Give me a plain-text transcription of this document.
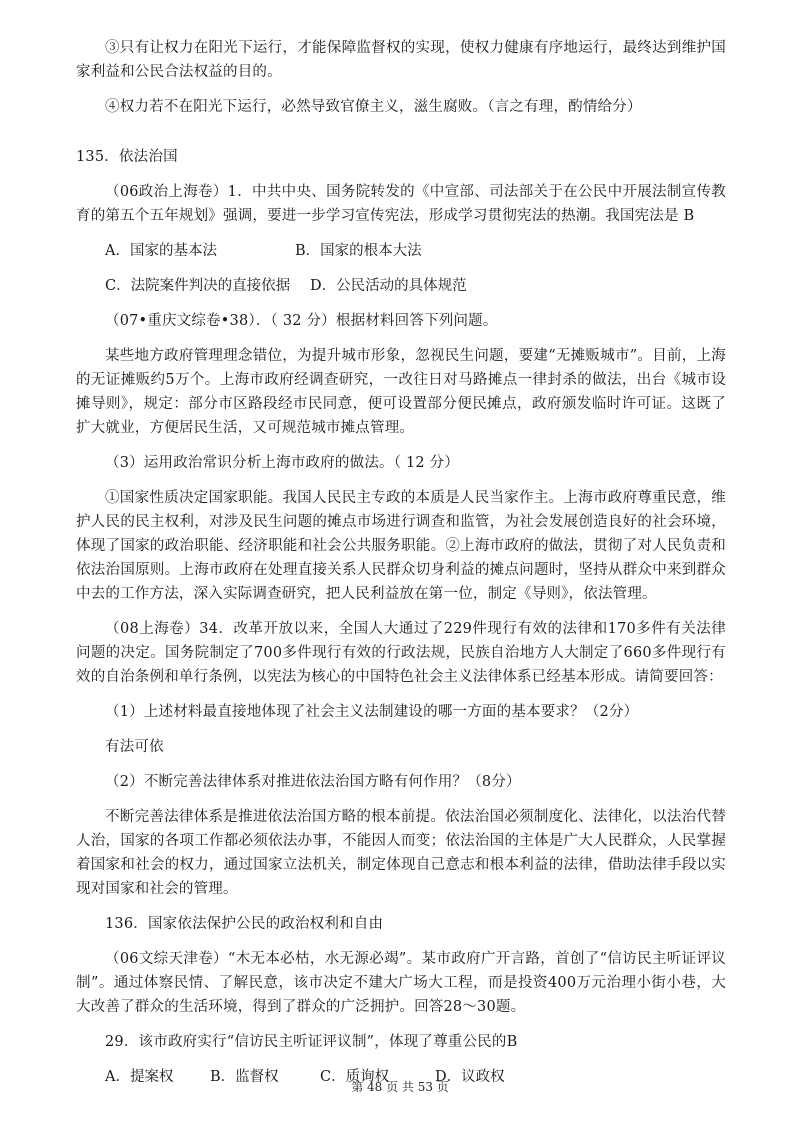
③只有让权力在阳光下运行，才能保障监督权的实现，使权力健康有序地运行，最终达到维护国家利益和公民合法权益的目的。

④权力若不在阳光下运行，必然导致官僚主义，滋生腐败。（言之有理，酌情给分）

135．依法治国

（06政治上海卷）1．中共中央、国务院转发的《中宣部、司法部关于在公民中开展法制宣传教育的第五个五年规划》强调，要进一步学习宣传宪法，形成学习贯彻宪法的热潮。我国宪法是 B

A．国家的基本法	B．国家的根本大法
C．法院案件判决的直接依据	D．公民活动的具体规范

（07•重庆文综卷•38）．（ 32 分）根据材料回答下列问题。

某些地方政府管理理念错位，为提升城市形象，忽视民生问题，要建“无摊贩城市”。目前，上海的无证摊贩约5万个。上海市政府经调查研究，一改往日对马路摊点一律封杀的做法，出台《城市设摊导则》，规定：部分市区路段经市民同意，便可设置部分便民摊点，政府颁发临时许可证。这既了扩大就业，方便居民生活，又可规范城市摊点管理。

（3）运用政治常识分析上海市政府的做法。（ 12 分）

①国家性质决定国家职能。我国人民民主专政的本质是人民当家作主。上海市政府尊重民意，维护人民的民主权利，对涉及民生问题的摊点市场进行调查和监管，为社会发展创造良好的社会环境，体现了国家的政治职能、经济职能和社会公共服务职能。②上海市政府的做法，贯彻了对人民负责和依法治国原则。上海市政府在处理直接关系人民群众切身利益的摊点问题时，坚持从群众中来到群众中去的工作方法，深入实际调查研究，把人民利益放在第一位，制定《导则》，依法管理。

（08上海卷）34．改革开放以来，全国人大通过了229件现行有效的法律和170多件有关法律问题的决定。国务院制定了700多件现行有效的行政法规，民族自治地方人大制定了660多件现行有效的自治条例和单行条例，以宪法为核心的中国特色社会主义法律体系已经基本形成。请简要回答：

（1）上述材料最直接地体现了社会主义法制建设的哪一方面的基本要求？（2分）

有法可依

（2）不断完善法律体系对推进依法治国方略有何作用？（8分）

不断完善法律体系是推进依法治国方略的根本前提。依法治国必须制度化、法律化，以法治代替人治，国家的各项工作都必须依法办事，不能因人而变；依法治国的主体是广大人民群众，人民掌握着国家和社会的权力，通过国家立法机关，制定体现自己意志和根本利益的法律，借助法律手段以实现对国家和社会的管理。

136．国家依法保护公民的政治权利和自由

（06文综天津卷）“木无本必枯，水无源必竭”。某市政府广开言路，首创了“信访民主听证评议制”。通过体察民情、了解民意，该市决定不建大广场大工程，而是投资400万元治理小街小巷，大大改善了群众的生活环境，得到了群众的广泛拥护。回答28～30题。

29．该市政府实行“信访民主听证评议制”，体现了尊重公民的B

A．提案权	B．监督权	C．质询权	D．议政权
第 48 页 共 53 页
